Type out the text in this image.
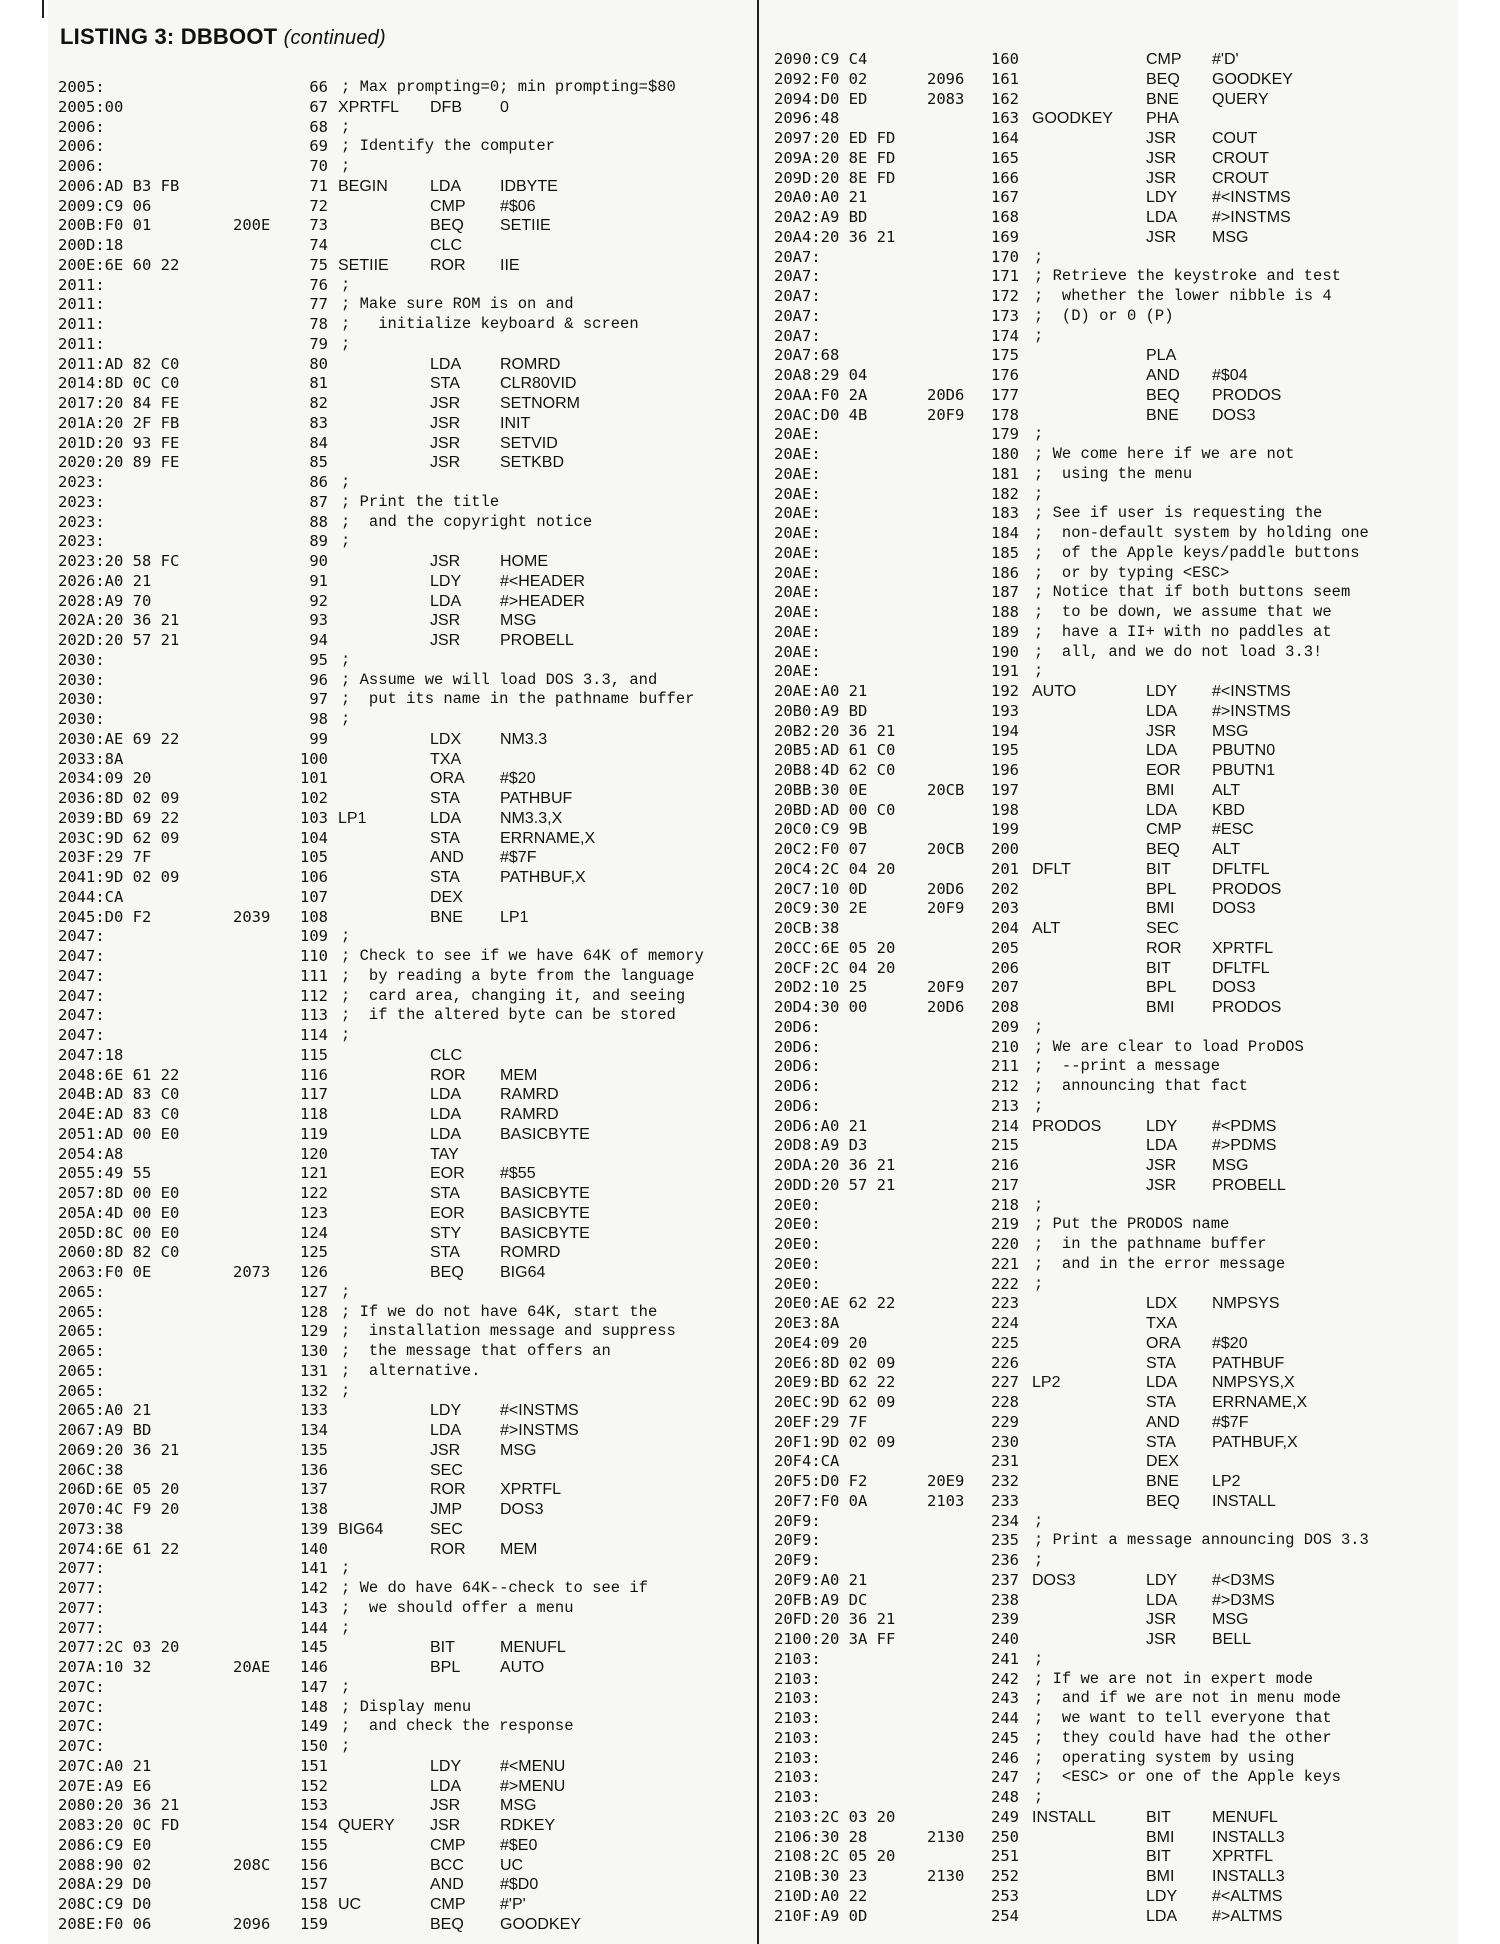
LISTING 3: DBBOOT (continued)
2005:	66 ; Max prompting=0; min prompting=$80
2005:00	67 XPRTFL DFB 0
2006:	68 ;
2006:	69 ; Identify the computer
2006:	70 ;
2006:AD B3 FB	71 BEGIN	LDA IDBYTE
2009:C9 06	72	CMP #$06
200B:F0 01	200E	73	BEQ SETIIE
200D:18	74	CLC
200E:6E 60 22	75 SETIIE	ROR IIE
2011:	76 ;
2011:	77 ; Make sure ROM is on and
2011:	78 ;   initialize keyboard & screen
2011:	79 ;
2011:AD 82 C0	80	LDA ROMRD
2014:8D 0C C0	81	STA	CLR80VID
2017:20 84 FE	82	JSR SETNORM
201A:20 2F FB	83	JSR INIT
201D:20 93 FE	84	JSR SETVID
2020:20 89 FE	85	JSR SETKBD
2023:	86 ;
2023:	87 ; Print the title
2023:	88 ;  and the copyright notice
2023:	89 ;
2023:20 58 FC	90	JSR HOME
2026:A0 21	91	LDY #<HEADER
2028:A9 70	92	LDA #>HEADER
202A:20 36 21	93	JSR MSG
202D:20 57 21	94	JSR PROBELL
2030:	95 ;
2030:	96 ; Assume we will load DOS 3.3, and
2030:	97 ;  put its name in the pathname buffer
2030:	98 ;
2030:AE 69 22	99	LDX NM3.3
2033:8A	100	TXA
2034:09 20	101	ORA #$20
2036:8D 02 09	102	STA	PATHBUF
2039:BD 69 22	103 LP1	LDA NM3.3,X
203C:9D 62 09	104	STA	ERRNAME,X
203F:29 7F	105	AND #$7F
2041:9D 02 09	106	STA	PATHBUF,X
2044:CA	107	DEX
2045:D0 F2	2039	108	BNE LP1
2047:	109 ;
2047:	110 ; Check to see if we have 64K of memory
2047:	111 ;  by reading a byte from the language
2047:	112 ;  card area, changing it, and seeing
2047:	113 ;  if the altered byte can be stored
2047:	114 ;
2047:18	115	CLC
2048:6E 61 22	116	ROR MEM
204B:AD 83 C0	117	LDA RAMRD
204E:AD 83 C0	118	LDA RAMRD
2051:AD 00 E0	119	LDA BASICBYTE
2054:A8	120	TAY
2055:49 55	121	EOR #$55
2057:8D 00 E0	122	STA	BASICBYTE
205A:4D 00 E0	123	EOR BASICBYTE
205D:8C 00 E0	124	STY BASICBYTE
2060:8D 82 C0	125	STA	ROMRD
2063:F0 0E	2073	126	BEQ BIG64
2065:	127 ;
2065:	128 ; If we do not have 64K, start the
2065:	129 ;  installation message and suppress
2065:	130 ;  the message that offers an
2065:	131 ;  alternative.
2065:	132 ;
2065:A0 21	133	LDY #<INSTMS
2067:A9 BD	134	LDA #>INSTMS
2069:20 36 21	135	JSR MSG
206C:38	136	SEC
206D:6E 05 20	137	ROR XPRTFL
2070:4C F9 20	138	JMP DOS3
2073:38	139 BIG64	SEC
2074:6E 61 22	140	ROR MEM
2077:	141 ;
2077:	142 ; We do have 64K--check to see if
2077:	143 ;  we should offer a menu
2077:	144 ;
2077:2C 03 20	145	BIT	MENUFL
207A:10 32	20AE	146	BPL AUTO
207C:	147 ;
207C:	148 ; Display menu
207C:	149 ;  and check the response
207C:	150 ;
207C:A0 21	151	LDY #<MENU
207E:A9 E6	152	LDA #>MENU
2080:20 36 21	153	JSR MSG
2083:20 0C FD	154 QUERY JSR RDKEY
2086:C9 E0	155	CMP #$E0
2088:90 02	208C	156	BCC UC
208A:29 D0	157	AND #$D0
208C:C9 D0	158 UC	CMP #'P'
208E:F0 06	2096	159	BEQ GOODKEY
2090:C9 C4	160	CMP #'D'
2092:F0 02	2096	161	BEQ GOODKEY
2094:D0 ED	2083	162	BNE QUERY
2096:48	163 GOODKEY PHA
2097:20 ED FD	164	JSR COUT
209A:20 8E FD	165	JSR CROUT
209D:20 8E FD	166	JSR CROUT
20A0:A0 21	167	LDY #<INSTMS
20A2:A9 BD	168	LDA #>INSTMS
20A4:20 36 21	169	JSR MSG
20A7:	170 ;
20A7:	171 ; Retrieve the keystroke and test
20A7:	172 ;  whether the lower nibble is 4
20A7:	173 ;  (D) or 0 (P)
20A7:	174 ;
20A7:68	175	PLA
20A8:29 04	176	AND #$04
20AA:F0 2A	20D6	177	BEQ PRODOS
20AC:D0 4B	20F9	178	BNE DOS3
20AE:	179 ;
20AE:	180 ; We come here if we are not
20AE:	181 ;  using the menu
20AE:	182 ;
20AE:	183 ; See if user is requesting the
20AE:	184 ;  non-default system by holding one
20AE:	185 ;  of the Apple keys/paddle buttons
20AE:	186 ;  or by typing <ESC>
20AE:	187 ; Notice that if both buttons seem
20AE:	188 ;  to be down, we assume that we
20AE:	189 ;  have a II+ with no paddles at
20AE:	190 ;  all, and we do not load 3.3!
20AE:	191 ;
20AE:A0 21	192 AUTO	LDY #<INSTMS
20B0:A9 BD	193	LDA #>INSTMS
20B2:20 36 21	194	JSR MSG
20B5:AD 61 C0	195	LDA PBUTN0
20B8:4D 62 C0	196	EOR PBUTN1
20BB:30 0E	20CB	197	BMI ALT
20BD:AD 00 C0	198	LDA KBD
20C0:C9 9B	199	CMP #ESC
20C2:F0 07	20CB	200	BEQ ALT
20C4:2C 04 20	201 DFLT	BIT	DFLTFL
20C7:10 0D	20D6	202	BPL PRODOS
20C9:30 2E	20F9	203	BMI DOS3
20CB:38	204 ALT	SEC
20CC:6E 05 20	205	ROR XPRTFL
20CF:2C 04 20	206	BIT	DFLTFL
20D2:10 25	20F9	207	BPL DOS3
20D4:30 00	20D6	208	BMI PRODOS
20D6:	209 ;
20D6:	210 ; We are clear to load ProDOS
20D6:	211 ;  --print a message
20D6:	212 ;  announcing that fact
20D6:	213 ;
20D6:A0 21	214 PRODOS	LDY #<PDMS
20D8:A9 D3	215	LDA #>PDMS
20DA:20 36 21	216	JSR MSG
20DD:20 57 21	217	JSR PROBELL
20E0:	218 ;
20E0:	219 ; Put the PRODOS name
20E0:	220 ;  in the pathname buffer
20E0:	221 ;  and in the error message
20E0:	222 ;
20E0:AE 62 22	223	LDX NMPSYS
20E3:8A	224	TXA
20E4:09 20	225	ORA #$20
20E6:8D 02 09	226	STA PATHBUF
20E9:BD 62 22	227 LP2	LDA NMPSYS,X
20EC:9D 62 09	228	STA ERRNAME,X
20EF:29 7F	229	AND #$7F
20F1:9D 02 09	230	STA PATHBUF,X
20F4:CA	231	DEX
20F5:D0 F2	20E9	232	BNE LP2
20F7:F0 0A	2103	233	BEQ INSTALL
20F9:	234 ;
20F9:	235 ; Print a message announcing DOS 3.3
20F9:	236 ;
20F9:A0 21	237 DOS3	LDY #<D3MS
20FB:A9 DC	238	LDA #>D3MS
20FD:20 36 21	239	JSR MSG
2100:20 3A FF	240	JSR BELL
2103:	241 ;
2103:	242 ; If we are not in expert mode
2103:	243 ;  and if we are not in menu mode
2103:	244 ;  we want to tell everyone that
2103:	245 ;  they could have had the other
2103:	246 ;  operating system by using
2103:	247 ;  <ESC> or one of the Apple keys
2103:	248 ;
2103:2C 03 20	249 INSTALL	BIT	MENUFL
2106:30 28	2130	250	BMI INSTALL3
2108:2C 05 20	251	BIT	XPRTFL
210B:30 23	2130	252	BMI INSTALL3
210D:A0 22	253	LDY #<ALTMS
210F:A9 0D	254	LDA #>ALTMS
